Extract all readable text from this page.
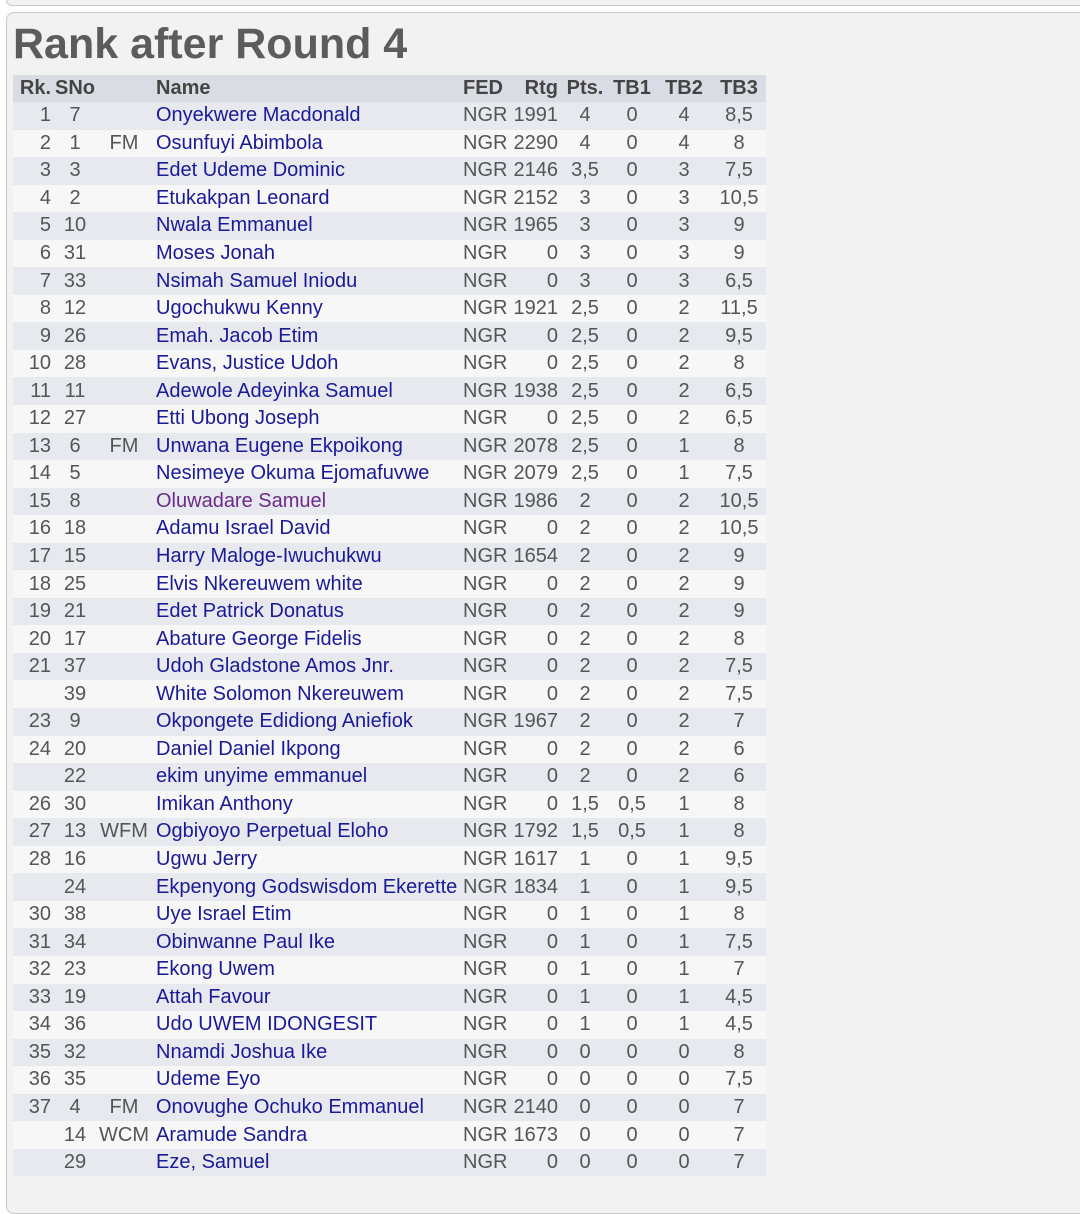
Rank after Round 4
Rk.	SNo		Name	FED	Rtg	Pts.	TB1	TB2	TB3
1	7		Onyekwere Macdonald	NGR	1991	4	0	4	8,5
2	1	FM	Osunfuyi Abimbola	NGR	2290	4	0	4	8
3	3		Edet Udeme Dominic	NGR	2146	3,5	0	3	7,5
4	2		Etukakpan Leonard	NGR	2152	3	0	3	10,5
5	10		Nwala Emmanuel	NGR	1965	3	0	3	9
6	31		Moses Jonah	NGR	0	3	0	3	9
7	33		Nsimah Samuel Iniodu	NGR	0	3	0	3	6,5
8	12		Ugochukwu Kenny	NGR	1921	2,5	0	2	11,5
9	26		Emah. Jacob Etim	NGR	0	2,5	0	2	9,5
10	28		Evans, Justice Udoh	NGR	0	2,5	0	2	8
11	11		Adewole Adeyinka Samuel	NGR	1938	2,5	0	2	6,5
12	27		Etti Ubong Joseph	NGR	0	2,5	0	2	6,5
13	6	FM	Unwana Eugene Ekpoikong	NGR	2078	2,5	0	1	8
14	5		Nesimeye Okuma Ejomafuvwe	NGR	2079	2,5	0	1	7,5
15	8		Oluwadare Samuel	NGR	1986	2	0	2	10,5
16	18		Adamu Israel David	NGR	0	2	0	2	10,5
17	15		Harry Maloge-Iwuchukwu	NGR	1654	2	0	2	9
18	25		Elvis Nkereuwem white	NGR	0	2	0	2	9
19	21		Edet Patrick Donatus	NGR	0	2	0	2	9
20	17		Abature George Fidelis	NGR	0	2	0	2	8
21	37		Udoh Gladstone Amos Jnr.	NGR	0	2	0	2	7,5
	39		White Solomon Nkereuwem	NGR	0	2	0	2	7,5
23	9		Okpongete Edidiong Aniefiok	NGR	1967	2	0	2	7
24	20		Daniel Daniel Ikpong	NGR	0	2	0	2	6
	22		ekim unyime emmanuel	NGR	0	2	0	2	6
26	30		Imikan Anthony	NGR	0	1,5	0,5	1	8
27	13	WFM	Ogbiyoyo Perpetual Eloho	NGR	1792	1,5	0,5	1	8
28	16		Ugwu Jerry	NGR	1617	1	0	1	9,5
	24		Ekpenyong Godswisdom Ekerette	NGR	1834	1	0	1	9,5
30	38		Uye Israel Etim	NGR	0	1	0	1	8
31	34		Obinwanne Paul Ike	NGR	0	1	0	1	7,5
32	23		Ekong Uwem	NGR	0	1	0	1	7
33	19		Attah Favour	NGR	0	1	0	1	4,5
34	36		Udo UWEM IDONGESIT	NGR	0	1	0	1	4,5
35	32		Nnamdi Joshua Ike	NGR	0	0	0	0	8
36	35		Udeme Eyo	NGR	0	0	0	0	7,5
37	4	FM	Onovughe Ochuko Emmanuel	NGR	2140	0	0	0	7
	14	WCM	Aramude Sandra	NGR	1673	0	0	0	7
	29		Eze, Samuel	NGR	0	0	0	0	7
